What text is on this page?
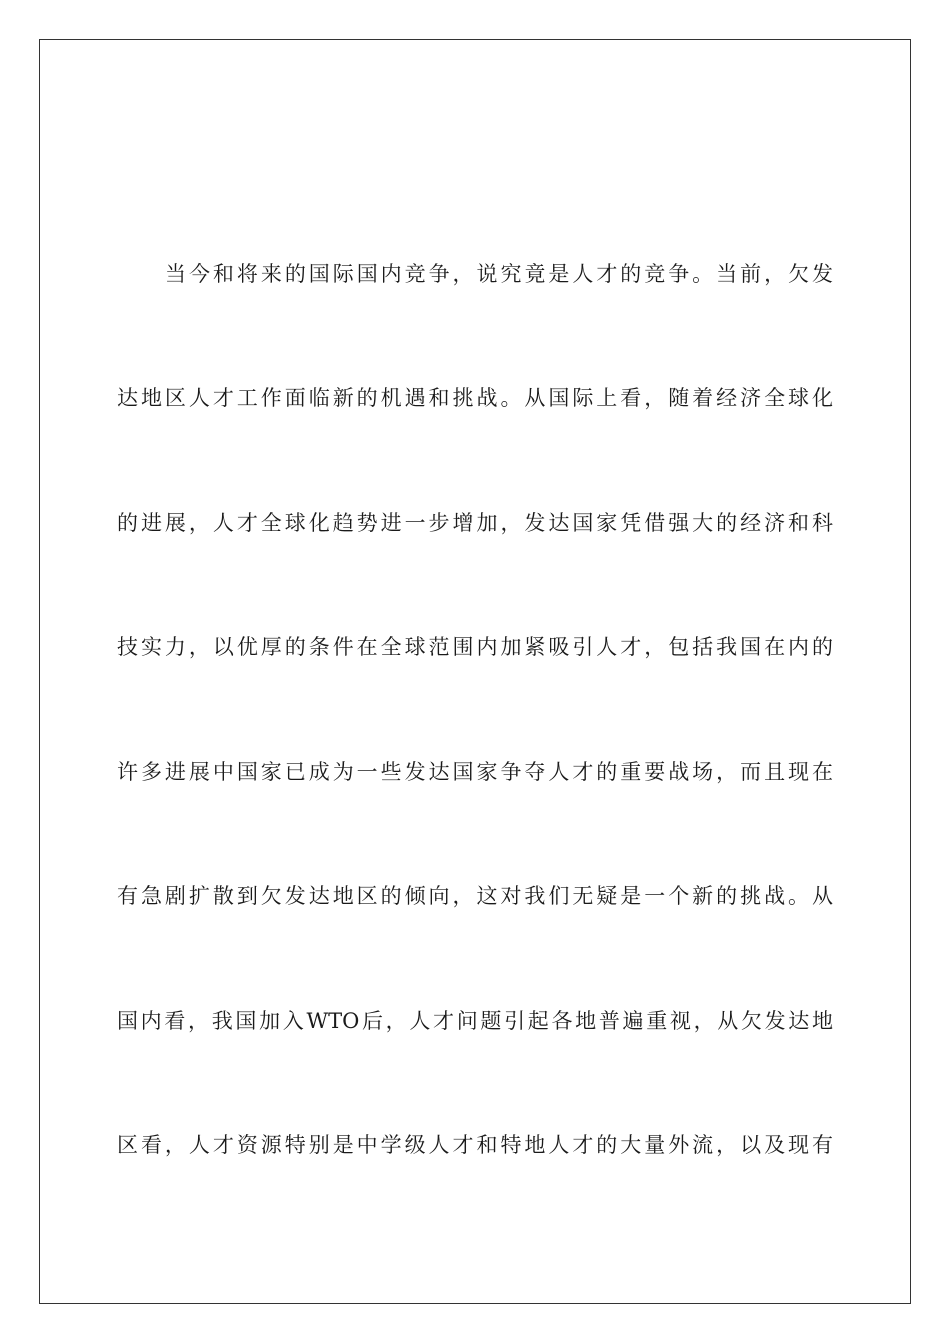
当今和将来的国际国内竞争，说究竟是人才的竞争。当前，欠发
达地区人才工作面临新的机遇和挑战。从国际上看，随着经济全球化
的进展，人才全球化趋势进一步增加，发达国家凭借强大的经济和科
技实力，以优厚的条件在全球范围内加紧吸引人才，包括我国在内的
许多进展中国家已成为一些发达国家争夺人才的重要战场，而且现在
有急剧扩散到欠发达地区的倾向，这对我们无疑是一个新的挑战。从
国内看，我国加入WTO后，人才问题引起各地普遍重视，从欠发达地
区看，人才资源特别是中学级人才和特地人才的大量外流，以及现有
